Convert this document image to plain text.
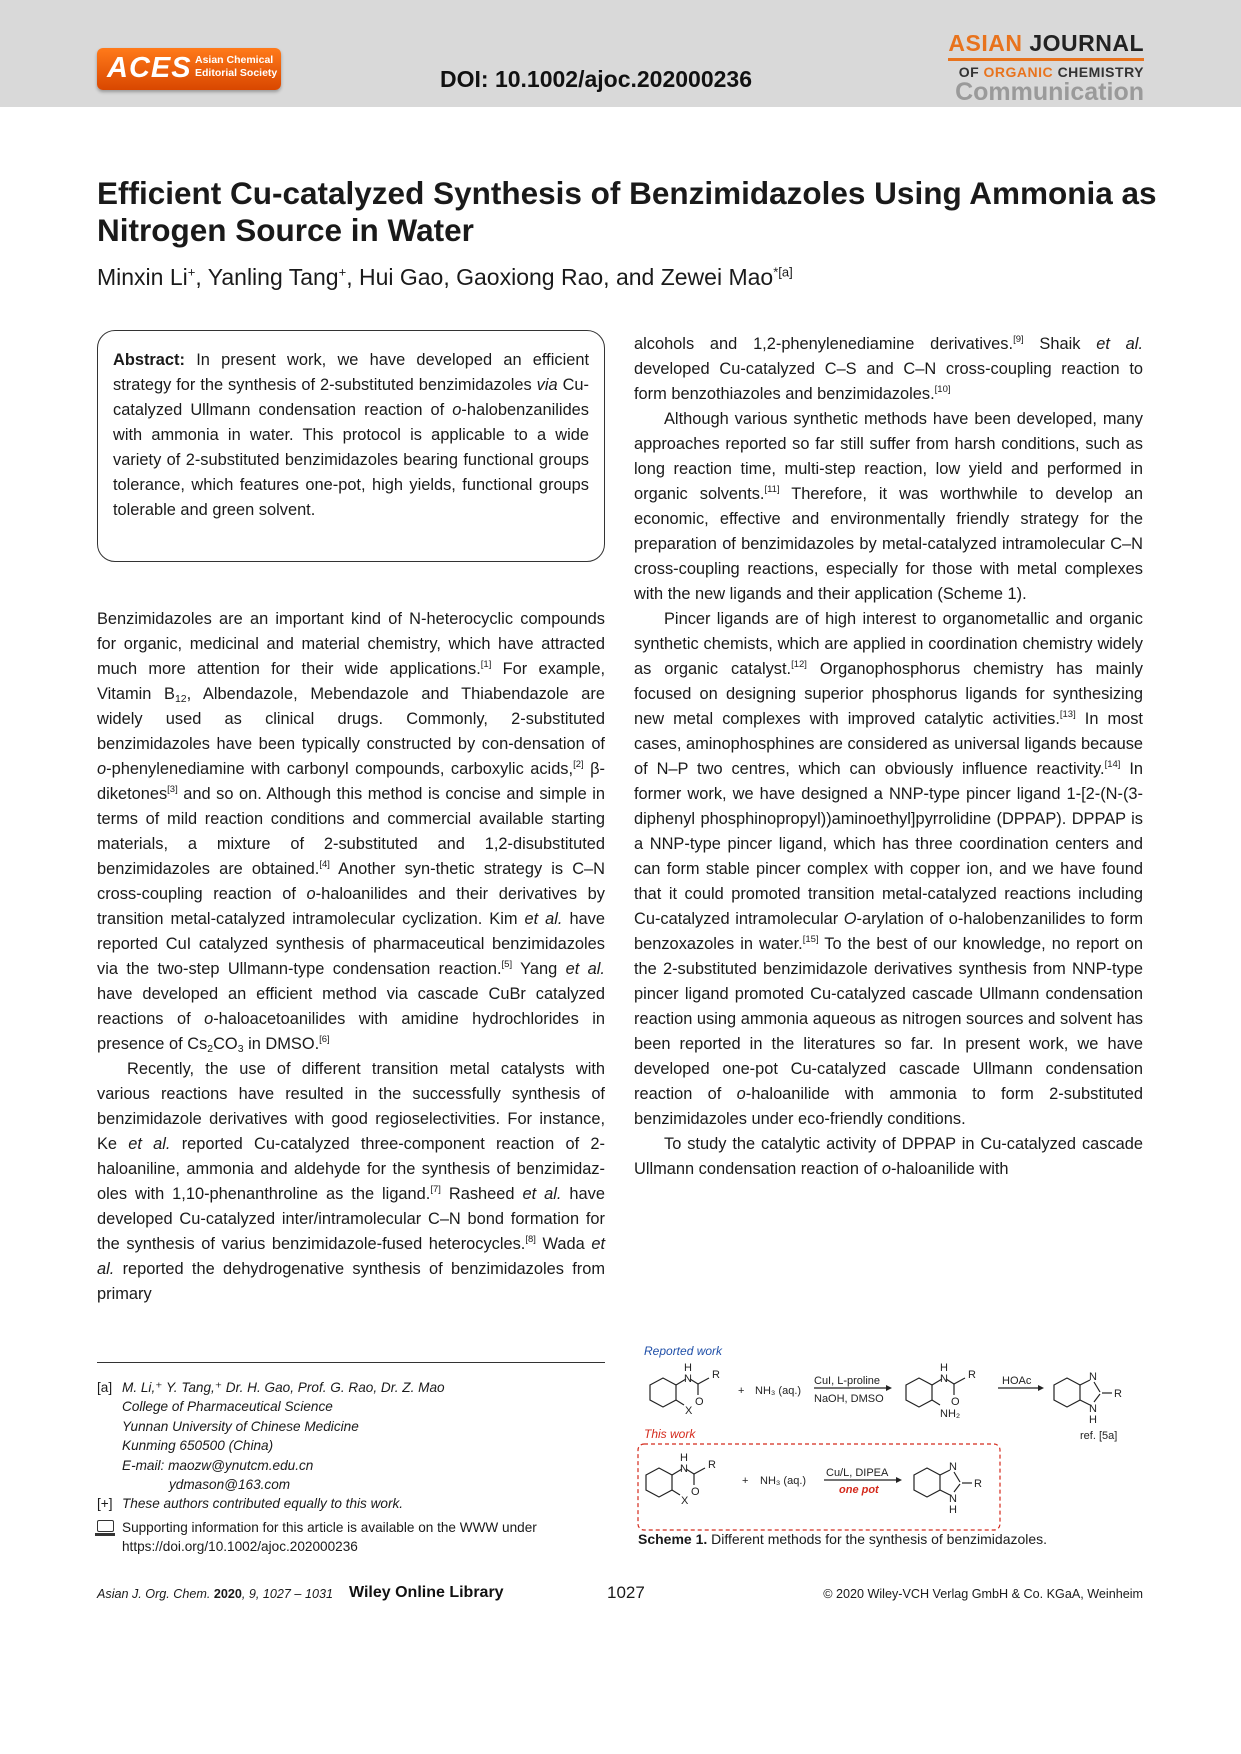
ACES Asian Chemical
Editorial Society	DOI: 10.1002/ajoc.202000236
ASIAN JOURNAL
OF ORGANIC CHEMISTRY
Communication
Efficient Cu-catalyzed Synthesis of Benzimidazoles Using Ammonia as Nitrogen Source in Water
Minxin Li+, Yanling Tang+, Hui Gao, Gaoxiong Rao, and Zewei Mao$^{*[a]}$

Abstract: In present work, we have developed an efficient strategy for the synthesis of 2-substituted benzimidazoles via Cu-catalyzed Ullmann condensation reaction of o-halobenzanilides with ammonia in water. This protocol is applicable to a wide variety of 2-substituted benzimidazoles bearing functional groups tolerance, which features one-pot, high yields, functional groups tolerable and green solvent.

Benzimidazoles are an important kind of N-heterocyclic compounds for organic, medicinal and material chemistry, which have attracted much more attention for their wide applications.[1] For example, Vitamin $B_{12}$, Albendazole, Mebendazole and Thiabendazole are widely used as clinical drugs. Commonly, 2-substituted benzimidazoles have been typically constructed by con-densation of o-phenylenediamine with carbonyl compounds, carboxylic acids,[2] β-diketones[3] and so on. Although this method is concise and simple in terms of mild reaction conditions and commercial available starting materials, a mixture of 2-substituted and 1,2-disubstituted benzimidazoles are obtained.[4] Another syn-thetic strategy is C–N cross-coupling reaction of o-haloanilides and their derivatives by transition metal-catalyzed intramolecular cyclization. Kim et al. have reported CuI catalyzed synthesis of pharmaceutical benzimidazoles via the two-step Ullmann-type condensation reaction.[5] Yang et al. have developed an efficient method via cascade CuBr catalyzed reactions of o-haloacetoanilides with amidine hydrochlorides in presence of $Cs_2CO_3$ in DMSO.[6]

Recently, the use of different transition metal catalysts with various reactions have resulted in the successfully synthesis of benzimidazole derivatives with good regioselectivities. For instance, Ke et al. reported Cu-catalyzed three-component reaction of 2-haloaniline, ammonia and aldehyde for the synthesis of benzimidaz-oles with 1,10-phenanthroline as the ligand.[7] Rasheed et al. have developed Cu-catalyzed inter/intramolecular C–N bond formation for the synthesis of varius benzimidazole-fused heterocycles.[8] Wada et al. reported the dehydrogenative synthesis of benzimidazoles from primary

alcohols and 1,2-phenylenediamine derivatives.[9] Shaik et al. developed Cu-catalyzed C–S and C–N cross-coupling reaction to form benzothiazoles and benzimidazoles.[10]

Although various synthetic methods have been developed, many approaches reported so far still suffer from harsh conditions, such as long reaction time, multi-step reaction, low yield and performed in organic solvents.[11] Therefore, it was worthwhile to develop an economic, effective and environmentally friendly strategy for the preparation of benzimidazoles by metal-catalyzed intramolecular C–N cross-coupling reactions, especially for those with metal complexes with the new ligands and their application (Scheme 1).

Pincer ligands are of high interest to organometallic and organic synthetic chemists, which are applied in coordination chemistry widely as organic catalyst.[12] Organophosphorus chemistry has mainly focused on designing superior phosphorus ligands for synthesizing new metal complexes with improved catalytic activities.[13] In most cases, aminophosphines are considered as universal ligands because of N–P two centres, which can obviously influence reactivity.[14] In former work, we have designed a NNP-type pincer ligand 1-[2-(N-(3-diphenyl phosphinopropyl))aminoethyl]pyrrolidine (DPPAP). DPPAP is a NNP-type pincer ligand, which has three coordination centers and can form stable pincer complex with copper ion, and we have found that it could promoted transition metal-catalyzed reactions including Cu-catalyzed intramolecular O-arylation of o-halobenzanilides to form benzoxazoles in water.[15] To the best of our knowledge, no report on the 2-substituted benzimidazole derivatives synthesis from NNP-type pincer ligand promoted Cu-catalyzed cascade Ullmann condensation reaction using ammonia aqueous as nitrogen sources and solvent has been reported in the literatures so far. In present work, we have developed one-pot Cu-catalyzed cascade Ullmann condensation reaction of o-haloanilide with ammonia to form 2-substituted benzimidazoles under eco-friendly conditions.

To study the catalytic activity of DPPAP in Cu-catalyzed cascade Ullmann condensation reaction of o-haloanilide with

[a] M. Li,⁺ Y. Tang,⁺ Dr. H. Gao, Prof. G. Rao, Dr. Z. Mao
College of Pharmaceutical Science
Yunnan University of Chinese Medicine
Kunming 650500 (China)
E-mail: maozw@ynutcm.edu.cn
ydmason@163.com
[+] These authors contributed equally to this work.
Supporting information for this article is available on the WWW under https://doi.org/10.1002/ajoc.202000236
Reported work
H
N
O
R
X
+ NH₃ (aq.)
CuI, L-proline
NaOH, DMSO
H
N
O
R
NH₂
HOAc	N
N
H
R
ref. [5a]
This work
H
N
O
R
X
+ NH₃ (aq.)
Cu/L, DIPEA
one pot
N
N
H
R
Scheme 1. Different methods for the synthesis of benzimidazoles.
Asian J. Org. Chem. 2020, 9, 1027 – 1031 Wiley Online Library	1027	© 2020 Wiley-VCH Verlag GmbH & Co. KGaA, Weinheim
